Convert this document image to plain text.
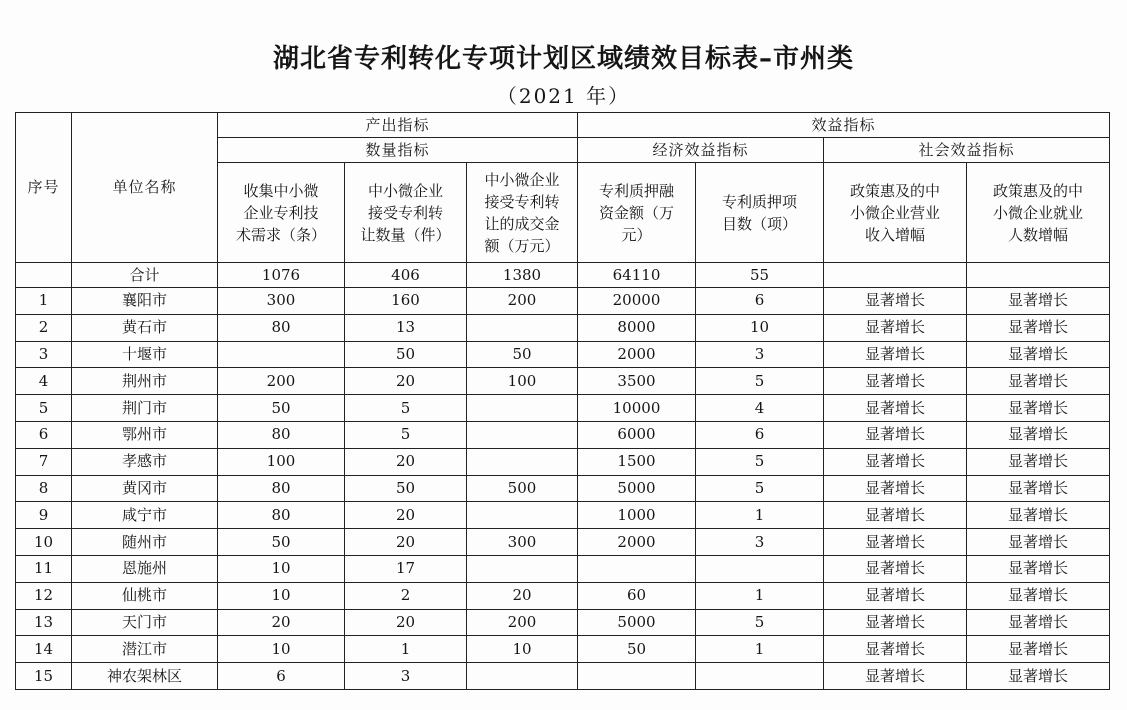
湖北省专利转化专项计划区域绩效目标表–市州类
（2021 年）
序号	单位名称	产出指标			效益指标			
		数量指标			经济效益指标		社会效益指标	

		收集中小微
企业专利技
术需求（条）	中小微企业
接受专利转
让数量（件）	中小微企业
接受专利转
让的成交金
额（万元）	专利质押融
资金额（万
元）	专利质押项
目数（项）	政策惠及的中
小微企业营业
收入增幅	政策惠及的中
小微企业就业
人数增幅

	合计	1076	406	1380	64110	55		
1	襄阳市	300	160	200	20000	6	显著增长	显著增长
2	黄石市	80	13		8000	10	显著增长	显著增长
3	十堰市		50	50	2000	3	显著增长	显著增长
4	荆州市	200	20	100	3500	5	显著增长	显著增长
5	荆门市	50	5		10000	4	显著增长	显著增长
6	鄂州市	80	5		6000	6	显著增长	显著增长
7	孝感市	100	20		1500	5	显著增长	显著增长
8	黄冈市	80	50	500	5000	5	显著增长	显著增长
9	咸宁市	80	20		1000	1	显著增长	显著增长
10	随州市	50	20	300	2000	3	显著增长	显著增长
11	恩施州	10	17				显著增长	显著增长
12	仙桃市	10	2	20	60	1	显著增长	显著增长
13	天门市	20	20	200	5000	5	显著增长	显著增长
14	潜江市	10	1	10	50	1	显著增长	显著增长
15	神农架林区	6	3				显著增长	显著增长
